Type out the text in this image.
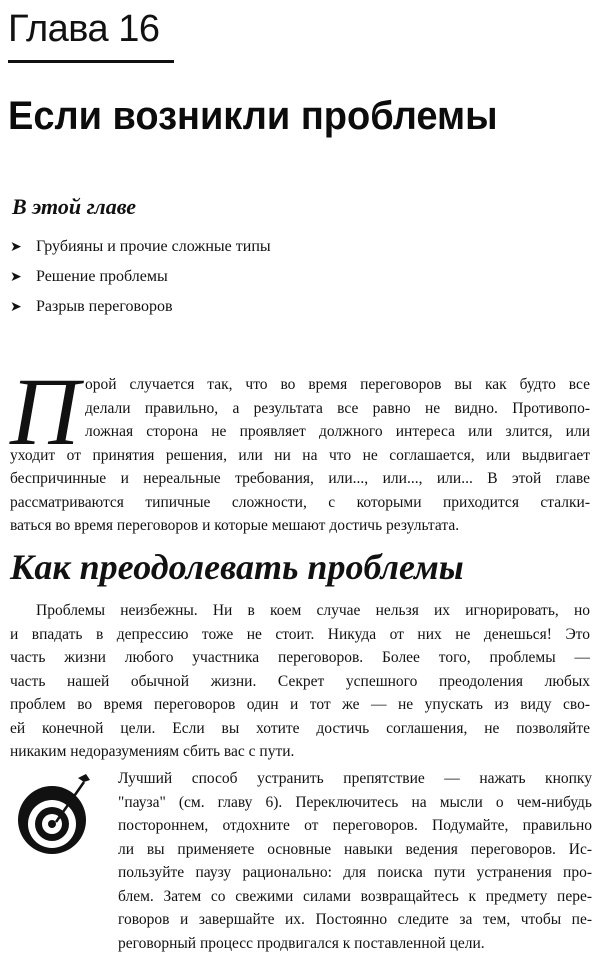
Глава 16
Если возникли проблемы
В этой главе
➤ Грубияны и прочие сложные типы
➤ Решение проблемы
➤ Разрыв переговоров
П орой случается так, что во время переговоров вы как будто все
делали правильно, а результата все равно не видно. Противопо-
ложная сторона не проявляет должного интереса или злится, или
уходит от принятия решения, или ни на что не соглашается, или выдвигает
беспричинные и нереальные требования, или..., или..., или... В этой главе
рассматриваются типичные сложности, с которыми приходится сталки-
ваться во время переговоров и которые мешают достичь результата.

Как преодолевать проблемы

Проблемы неизбежны. Ни в коем случае нельзя их игнорировать, но
и впадать в депрессию тоже не стоит. Никуда от них не денешься! Это
часть жизни любого участника переговоров. Более того, проблемы —
часть нашей обычной жизни. Секрет успешного преодоления любых
проблем во время переговоров один и тот же — не упускать из виду сво-
ей конечной цели. Если вы хотите достичь соглашения, не позволяйте
никаким недоразумениям сбить вас с пути.

СОВЕТ	Лучший способ устранить препятствие — нажать кнопку
"пауза" (см. главу 6). Переключитесь на мысли о чем-нибудь
постороннем, отдохните от переговоров. Подумайте, правильно
ли вы применяете основные навыки ведения переговоров. Ис-
пользуйте паузу рационально: для поиска пути устранения про-
блем. Затем со свежими силами возвращайтесь к предмету пере-
говоров и завершайте их. Постоянно следите за тем, чтобы пе-
реговорный процесс продвигался к поставленной цели.
